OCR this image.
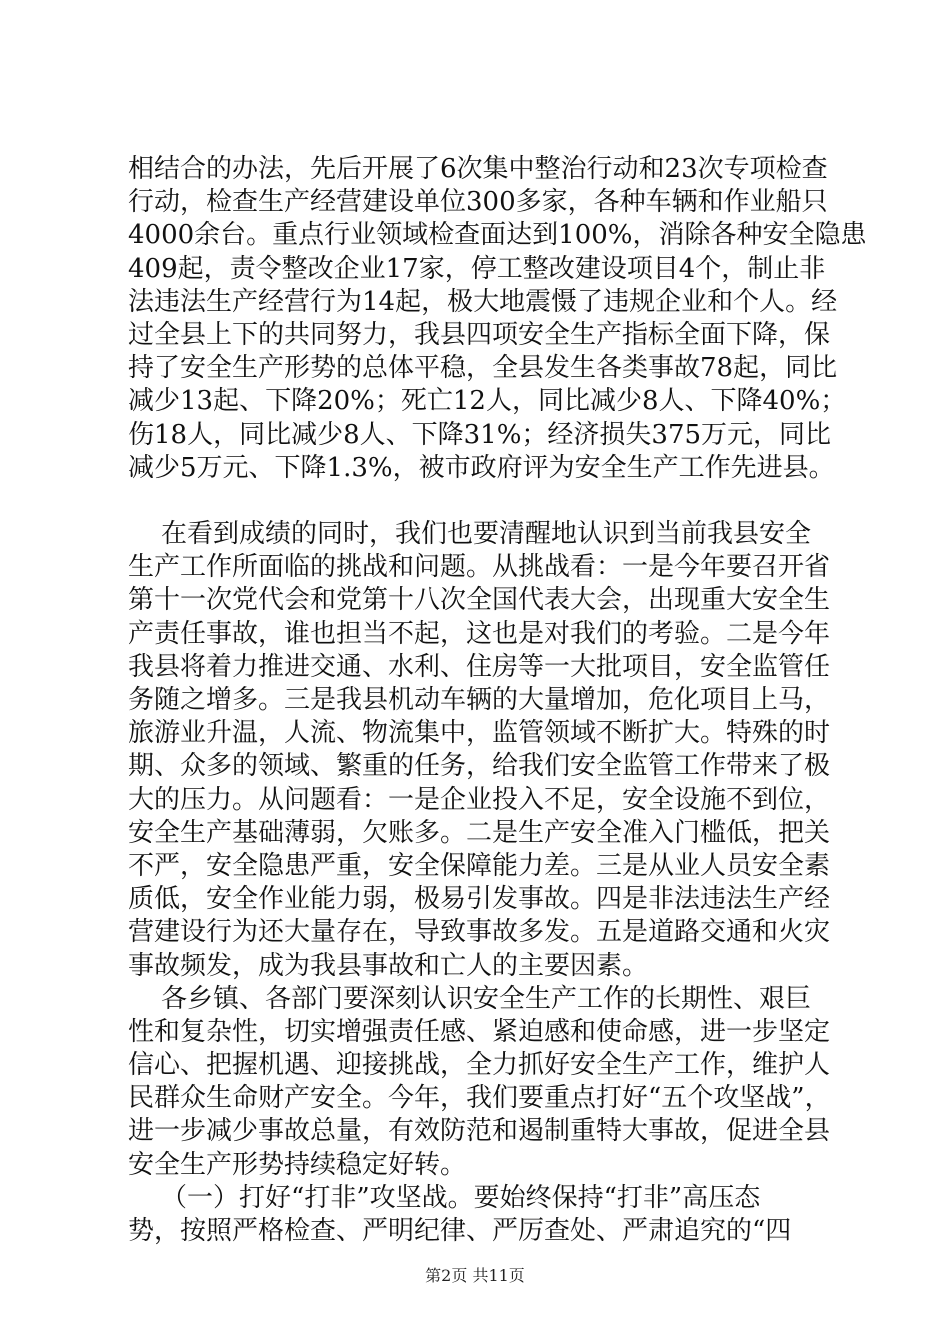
相结合的办法，先后开展了6次集中整治行动和23次专项检查
行动，检查生产经营建设单位300多家，各种车辆和作业船只
4000余台。重点行业领域检查面达到100%，消除各种安全隐患
409起，责令整改企业17家，停工整改建设项目4个，制止非
法违法生产经营行为14起，极大地震慑了违规企业和个人。经
过全县上下的共同努力，我县四项安全生产指标全面下降，保
持了安全生产形势的总体平稳，全县发生各类事故78起，同比
减少13起、下降20%；死亡12人，同比减少8人、下降40%；
伤18人，同比减少8人、下降31%；经济损失375万元，同比
减少5万元、下降1.3%，被市政府评为安全生产工作先进县。
在看到成绩的同时，我们也要清醒地认识到当前我县安全
生产工作所面临的挑战和问题。从挑战看：一是今年要召开省
第十一次党代会和党第十八次全国代表大会，出现重大安全生
产责任事故，谁也担当不起，这也是对我们的考验。二是今年
我县将着力推进交通、水利、住房等一大批项目，安全监管任
务随之增多。三是我县机动车辆的大量增加，危化项目上马，
旅游业升温，人流、物流集中，监管领域不断扩大。特殊的时
期、众多的领域、繁重的任务，给我们安全监管工作带来了极
大的压力。从问题看：一是企业投入不足，安全设施不到位，
安全生产基础薄弱，欠账多。二是生产安全准入门槛低，把关
不严，安全隐患严重，安全保障能力差。三是从业人员安全素
质低，安全作业能力弱，极易引发事故。四是非法违法生产经
营建设行为还大量存在，导致事故多发。五是道路交通和火灾
事故频发，成为我县事故和亡人的主要因素。
各乡镇、各部门要深刻认识安全生产工作的长期性、艰巨
性和复杂性，切实增强责任感、紧迫感和使命感，进一步坚定
信心、把握机遇、迎接挑战，全力抓好安全生产工作，维护人
民群众生命财产安全。今年，我们要重点打好“五个攻坚战”，
进一步减少事故总量，有效防范和遏制重特大事故，促进全县
安全生产形势持续稳定好转。
（一）打好“打非”攻坚战。要始终保持“打非”高压态
势，按照严格检查、严明纪律、严厉查处、严肃追究的“四
第2页 共11页
